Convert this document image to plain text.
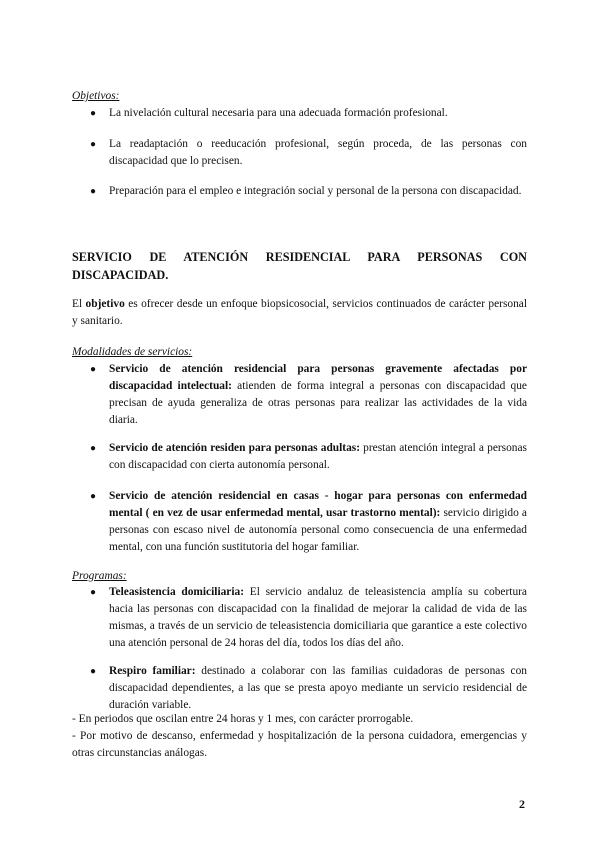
Objetivos:
● La nivelación cultural necesaria para una adecuada formación profesional.
● La readaptación o reeducación profesional, según proceda, de las personas con discapacidad que lo precisen.
● Preparación para el empleo e integración social y personal de la persona con discapacidad.
SERVICIO DE ATENCIÓN RESIDENCIAL PARA PERSONAS CON DISCAPACIDAD.
El objetivo es ofrecer desde un enfoque biopsicosocial, servicios continuados de carácter personal y sanitario.
Modalidades de servicios:
● Servicio de atención residencial para personas gravemente afectadas por discapacidad intelectual: atienden de forma integral a personas con discapacidad que precisan de ayuda generaliza de otras personas para realizar las actividades de la vida diaria.
● Servicio de atención residen para personas adultas: prestan atención integral a personas con discapacidad con cierta autonomía personal.
● Servicio de atención residencial en casas - hogar para personas con enfermedad mental ( en vez de usar enfermedad mental, usar trastorno mental): servicio dirigido a personas con escaso nivel de autonomía personal como consecuencia de una enfermedad mental, con una función sustitutoria del hogar familiar.
Programas:
● Teleasistencia domiciliaria: El servicio andaluz de teleasistencia amplía su cobertura hacia las personas con discapacidad con la finalidad de mejorar la calidad de vida de las mismas, a través de un servicio de teleasistencia domiciliaria que garantice a este colectivo una atención personal de 24 horas del día, todos los días del año.
● Respiro familiar: destinado a colaborar con las familias cuidadoras de personas con discapacidad dependientes, a las que se presta apoyo mediante un servicio residencial de duración variable.
- En periodos que oscilan entre 24 horas y 1 mes, con carácter prorrogable.
- Por motivo de descanso, enfermedad y hospitalización de la persona cuidadora, emergencias y otras circunstancias análogas.
2
